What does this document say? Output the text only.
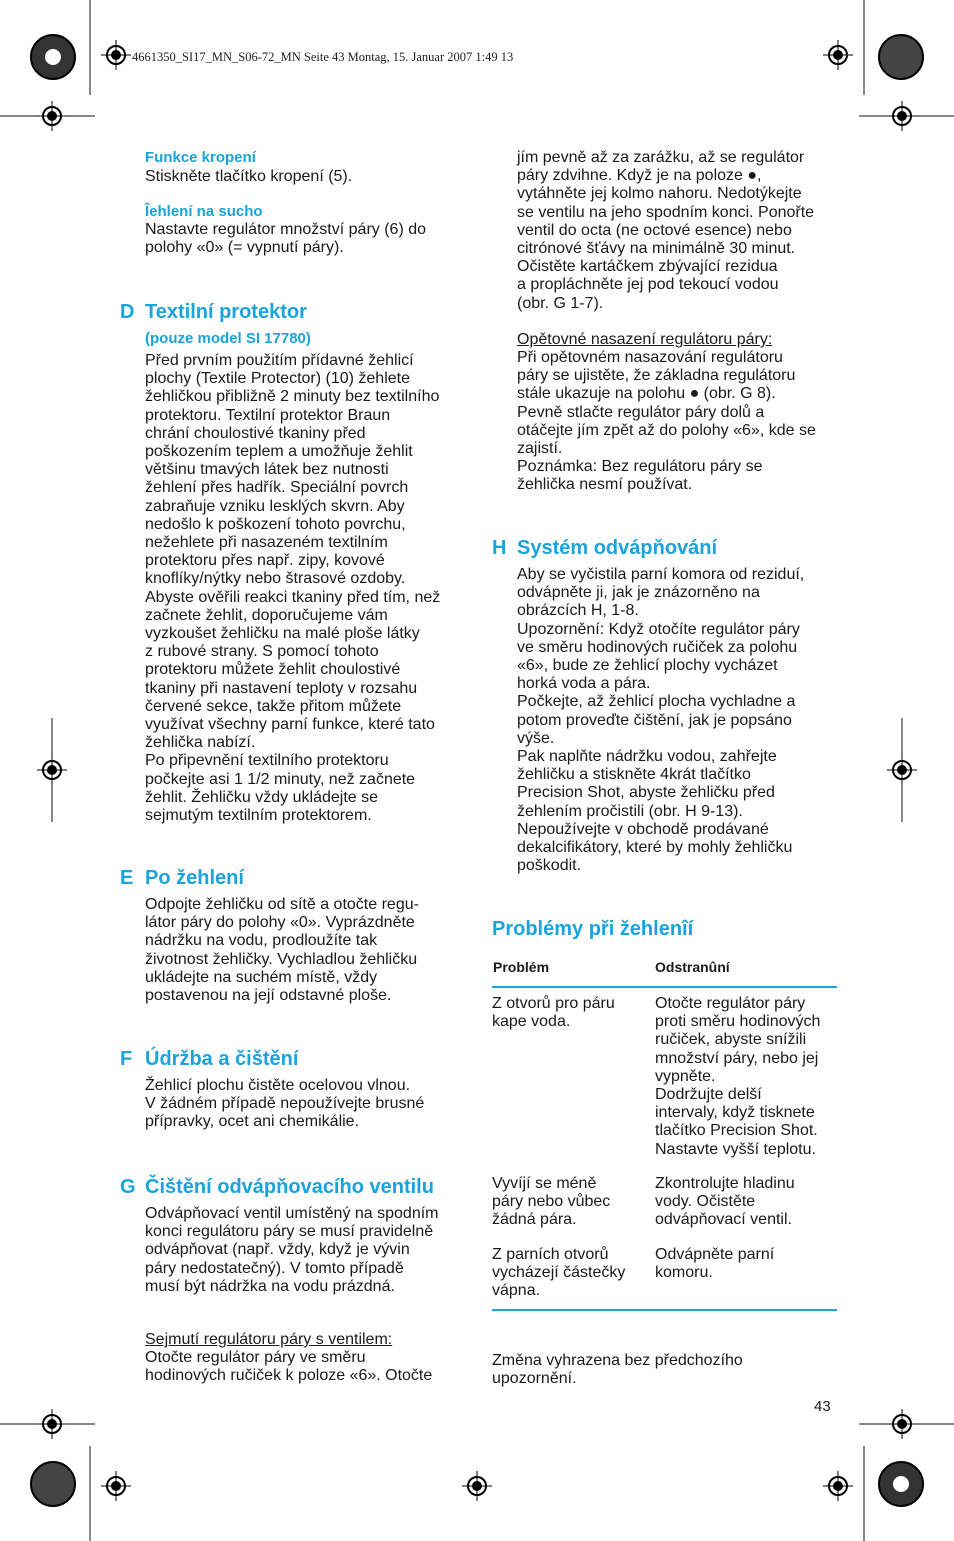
4661350_SI17_MN_S06-72_MN Seite 43 Montag, 15. Januar 2007 1:49 13
Funkce kropení
Stiskněte tlačítko kropení (5).
Îehlení na sucho
Nastavte regulátor množství páry (6) do
polohy «0» (= vypnutí páry).
D Textilní protektor
(pouze model SI 17780)
Před prvním použitím přídavné žehlicí
plochy (Textile Protector) (10) žehlete
žehličkou přibližně 2 minuty bez textilního
protektoru. Textilní protektor Braun
chrání choulostivé tkaniny před
poškozením teplem a umožňuje žehlit
většinu tmavých látek bez nutnosti
žehlení přes hadřík. Speciální povrch
zabraňuje vzniku lesklých skvrn. Aby
nedošlo k poškození tohoto povrchu,
nežehlete při nasazeném textilním
protektoru přes např. zipy, kovové
knoflíky/nýtky nebo štrasové ozdoby.
Abyste ověřili reakci tkaniny před tím, než
začnete žehlit, doporučujeme vám
vyzkoušet žehličku na malé ploše látky
z rubové strany. S pomocí tohoto
protektoru můžete žehlit choulostivé
tkaniny při nastavení teploty v rozsahu
červené sekce, takže přitom můžete
využívat všechny parní funkce, které tato
žehlička nabízí.
Po připevnění textilního protektoru
počkejte asi 1 1/2 minuty, než začnete
žehlit. Žehličku vždy ukládejte se
sejmutým textilním protektorem.
E Po žehlení
Odpojte žehličku od sítě a otočte regu-
látor páry do polohy «0». Vyprázdněte
nádržku na vodu, prodloužíte tak
životnost žehličky. Vychladlou žehličku
ukládejte na suchém místě, vždy
postavenou na její odstavné ploše.
F Údržba a čištění
Žehlicí plochu čistěte ocelovou vlnou.
V žádném případě nepoužívejte brusné
přípravky, ocet ani chemikálie.
G Čištění odvápňovacího ventilu
Odvápňovací ventil umístěný na spodním
konci regulátoru páry se musí pravidelně
odvápňovat (např. vždy, když je vývin
páry nedostatečný). V tomto případě
musí být nádržka na vodu prázdná.
Sejmutí regulátoru páry s ventilem:
Otočte regulátor páry ve směru
hodinových ručiček k poloze «6». Otočte
jím pevně až za zarážku, až se regulátor
páry zdvihne. Když je na poloze ●,
vytáhněte jej kolmo nahoru. Nedotýkejte
se ventilu na jeho spodním konci. Ponořte
ventil do octa (ne octové esence) nebo
citrónové šťávy na minimálně 30 minut.
Očistěte kartáčkem zbývající rezidua
a propláchněte jej pod tekoucí vodou
(obr. G 1-7).
Opětovné nasazení regulátoru páry:
Při opětovném nasazování regulátoru
páry se ujistěte, že základna regulátoru
stále ukazuje na polohu ● (obr. G 8).
Pevně stlačte regulátor páry dolů a
otáčejte jím zpět až do polohy «6», kde se
zajistí.
Poznámka: Bez regulátoru páry se
žehlička nesmí používat.
H Systém odvápňování
Aby se vyčistila parní komora od reziduí,
odvápněte ji, jak je znázorněno na
obrázcích H, 1-8.
Upozornění: Když otočíte regulátor páry
ve směru hodinových ručiček za polohu
«6», bude ze žehlicí plochy vycházet
horká voda a pára.
Počkejte, až žehlicí plocha vychladne a
potom proveďte čištění, jak je popsáno
výše.
Pak naplňte nádržku vodou, zahřejte
žehličku a stiskněte 4krát tlačítko
Precision Shot, abyste žehličku před
žehlením pročistili (obr. H 9-13).
Nepoužívejte v obchodě prodávané
dekalcifikátory, které by mohly žehličku
poškodit.
Problémy při žehlenîí
Problém	Odstranûní
Z otvorů pro páru
kape voda.
Otočte regulátor páry
proti směru hodinových
ručiček, abyste snížili
množství páry, nebo jej
vypněte.
Dodržujte delší
intervaly, když tisknete
tlačítko Precision Shot.
Nastavte vyšší teplotu.
Vyvíjí se méně
páry nebo vůbec
žádná pára.
Zkontrolujte hladinu
vody. Očistěte
odvápňovací ventil.
Z parních otvorů
vycházejí částečky
vápna.
Odvápněte parní
komoru.
Změna vyhrazena bez předchozího
upozornění.
43
